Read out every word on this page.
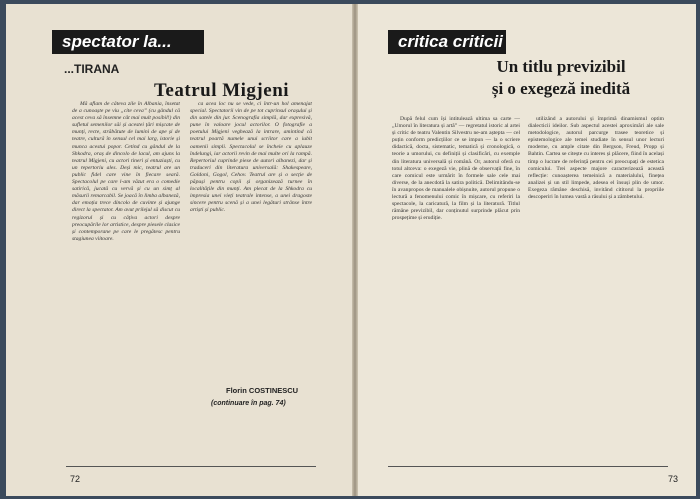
spectator la...
...TIRANA
Teatrul Migjeni

Mă aflam de câteva zile în Albania, însetat de a cunoaște pe viu „cite ceva” (cu gândul că acest ceva să însemne cât mai mult posibil!) din sufletul semenilor săi și acestei țări mișcate de munți, recte, străbătute de lumini de ape și de teatre, cultură în sensul cel mai larg, istorie și munca acestui popor. Cetind cu gândul de la Shkodra, oraș de dincolo de lacul, am ajuns la teatrul Migjeni, cu actori tineri și entuziaști, cu un repertoriu ales. Deși mic, teatrul are un public fidel care vine în fiecare seară. Spectacolul pe care l-am văzut era o comedie satirică, jucată cu vervă și cu un simț al măsurii remarcabil. Se joacă în limba albaneză, dar emoția trece dincolo de cuvinte și ajunge direct la spectator. Am avut prilejul să discut cu regizorul și cu câțiva actori despre preocupările lor artistice, despre piesele clasice și contemporane pe care le pregătesc pentru stagiunea viitoare.

ca acea loc nu se vede, ci într-un hol amenajat special. Spectatorii vin de pe tot cuprinsul orașului și din satele din jur. Scenografia simplă, dar expresivă, pune în valoare jocul actorilor. O fotografie a poetului Migjeni veghează la intrare, amintind că teatrul poartă numele unui scriitor care a iubit oamenii simpli. Spectacolul se încheie cu aplauze îndelungi, iar actorii revin de mai multe ori la rampă. Repertoriul cuprinde piese de autori albanezi, dar și traduceri din literatura universală: Shakespeare, Goldoni, Gogol, Cehov. Teatrul are și o secție de păpuși pentru copii și organizează turnee în localitățile din munți. Am plecat de la Shkodra cu impresia unei vieți teatrale intense, a unei dragoste sincere pentru scenă și a unei legături strânse între artiști și public.

Florin COSTINESCU
(continuare în pag. 74)
72
critica criticii
Un titlu previzibil
și o exegeză inedită

După felul cum își intitulează ultima sa carte — „Umorul în literatura și artă” — regretatul istoric al artei și critic de teatru Valentin Silvestru ne-am aștepta — cel puțin conform predicțiilor ce se impun — la o scriere didactică, docta, sistematic, tematică și cronologică, o teorie a umorului, cu definiții și clasificări, cu exemple din literatura universală și română. Or, autorul oferă cu totul altceva: o exegeză vie, plină de observații fine, în care comicul este urmărit în formele sale cele mai diverse, de la anecdotă la satira politică. Delimitându-se în avanpropos de manualele obișnuite, autorul propune o lectură a fenomenului comic în mișcare, cu referiri la spectacole, la caricatură, la film și la literatură. Titlul rămâne previzibil, dar conținutul surprinde plăcut prin prospețime și erudiție.

utilizând a autorului și împrimă dinamismul optim dialecticii ideilor. Sub aspectul acestei aproximări ale sale metodologice, autorul parcurge trasee teoretice și epistemologice ale temei studiate în sensul unor lecturi moderne, cu ample citate din Bergson, Freud, Propp și Bahtin. Cartea se citește cu interes și plăcere, fiind în același timp o lucrare de referință pentru cei preocupați de estetica comicului. Trei aspecte majore caracterizează această reflecție: cunoașterea temeinică a materialului, finețea analizei și un stil limpede, adesea el însuși plin de umor. Exegeza rămâne deschisă, invitând cititorul la propriile descoperiri în lumea vastă a râsului și a zâmbetului.

73
